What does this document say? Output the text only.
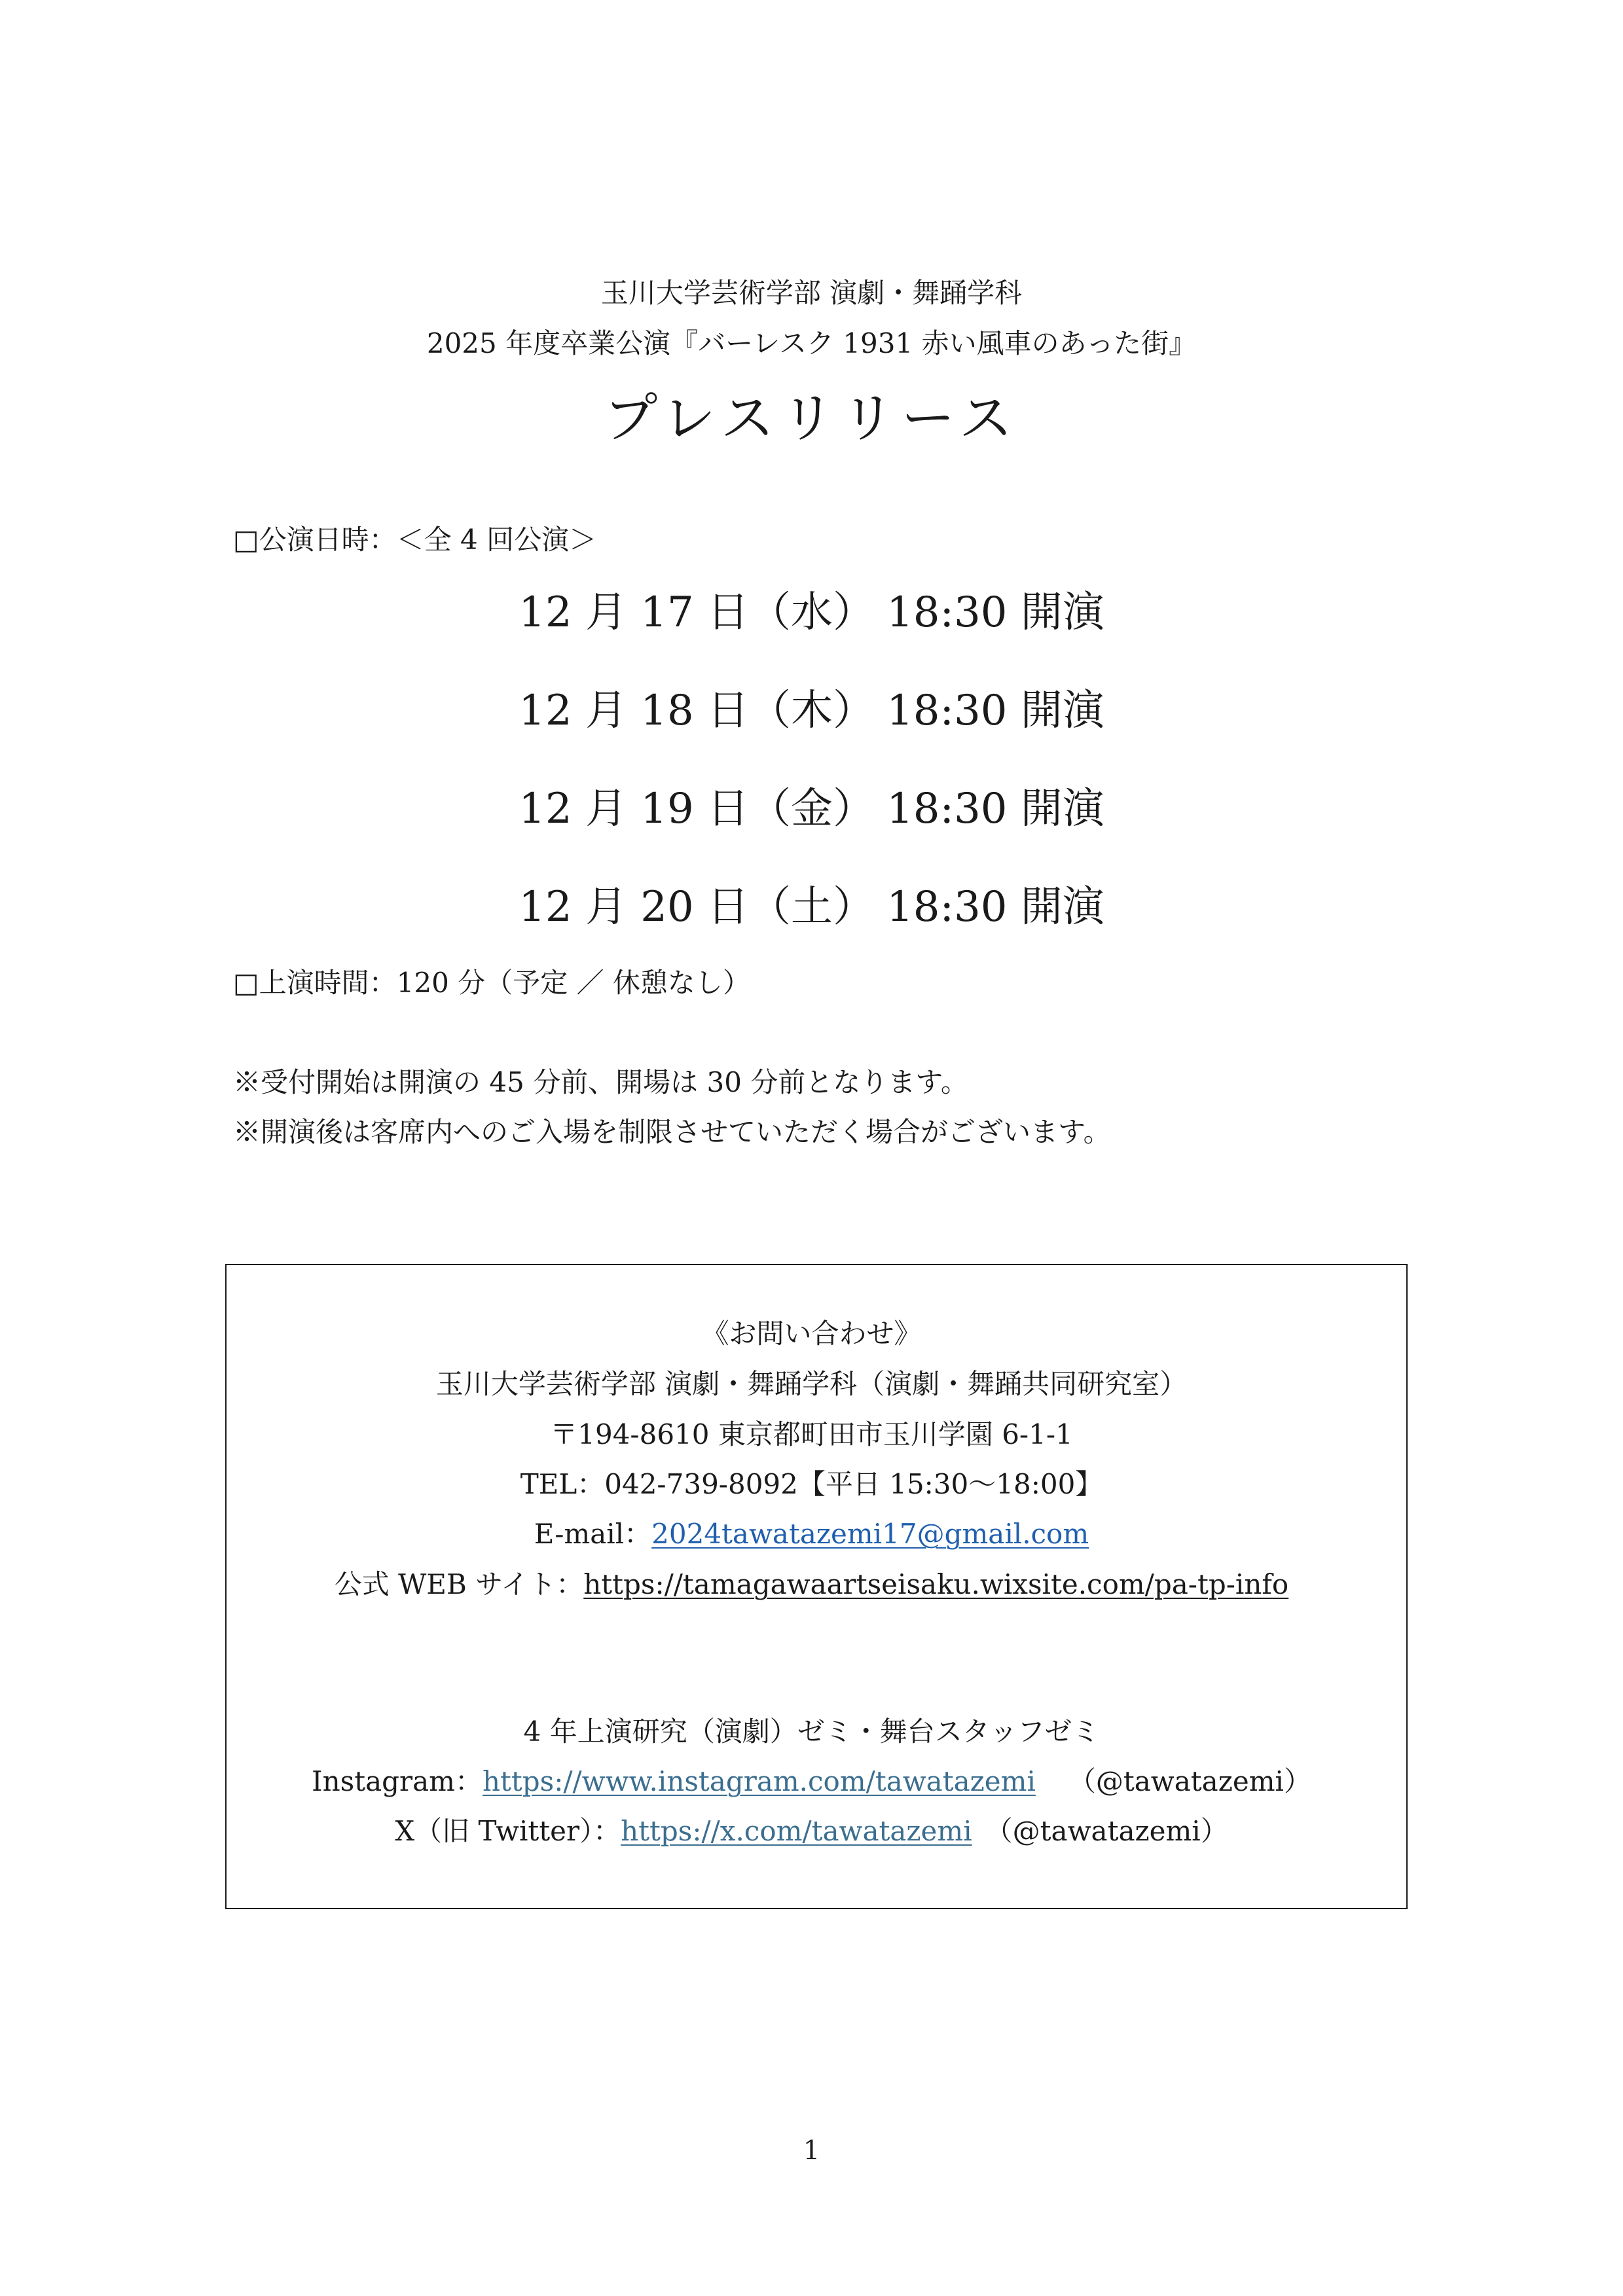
玉川大学芸術学部 演劇・舞踊学科
2025 年度卒業公演『バーレスク 1931 赤い風車のあった街』
プレスリリース
□公演日時：＜全 4 回公演＞
12 月 17 日（水） 18:30 開演
12 月 18 日（木） 18:30 開演
12 月 19 日（金） 18:30 開演
12 月 20 日（土） 18:30 開演
□上演時間：120 分（予定 ／ 休憩なし）
※受付開始は開演の 45 分前、開場は 30 分前となります。
※開演後は客席内へのご入場を制限させていただく場合がございます。
《お問い合わせ》
玉川大学芸術学部 演劇・舞踊学科（演劇・舞踊共同研究室）
〒194-8610 東京都町田市玉川学園 6-1-1
TEL：042-739-8092【平日 15:30〜18:00】
E-mail：2024tawatazemi17@gmail.com
公式 WEB サイト：https://tamagawaartseisaku.wixsite.com/pa-tp-info
4 年上演研究（演劇）ゼミ・舞台スタッフゼミ
Instagram：https://www.instagram.com/tawatazemi （@tawatazemi）
X（旧 Twitter）：https://x.com/tawatazemi （@tawatazemi）
1
